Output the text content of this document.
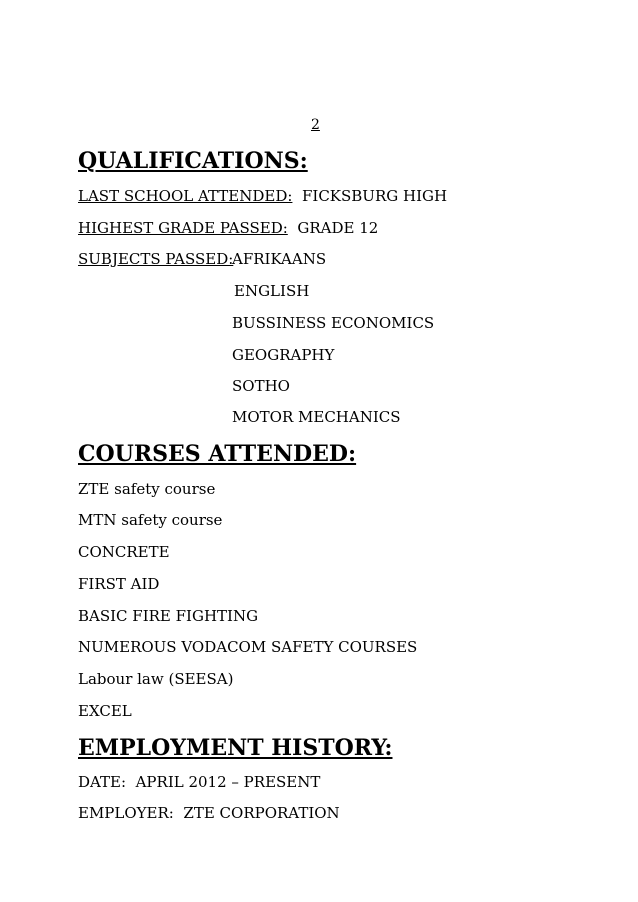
2
QUALIFICATIONS:
LAST SCHOOL ATTENDED: FICKSBURG HIGH
HIGHEST GRADE PASSED: GRADE 12
SUBJECTS PASSED:
AFRIKAANS
ENGLISH
BUSSINESS ECONOMICS
GEOGRAPHY
SOTHO
MOTOR MECHANICS
COURSES ATTENDED:
ZTE safety course
MTN safety course
CONCRETE
FIRST AID
BASIC FIRE FIGHTING
NUMEROUS VODACOM SAFETY COURSES
Labour law (SEESA)
EXCEL
EMPLOYMENT HISTORY:
DATE: APRIL 2012 – PRESENT
EMPLOYER: ZTE CORPORATION
